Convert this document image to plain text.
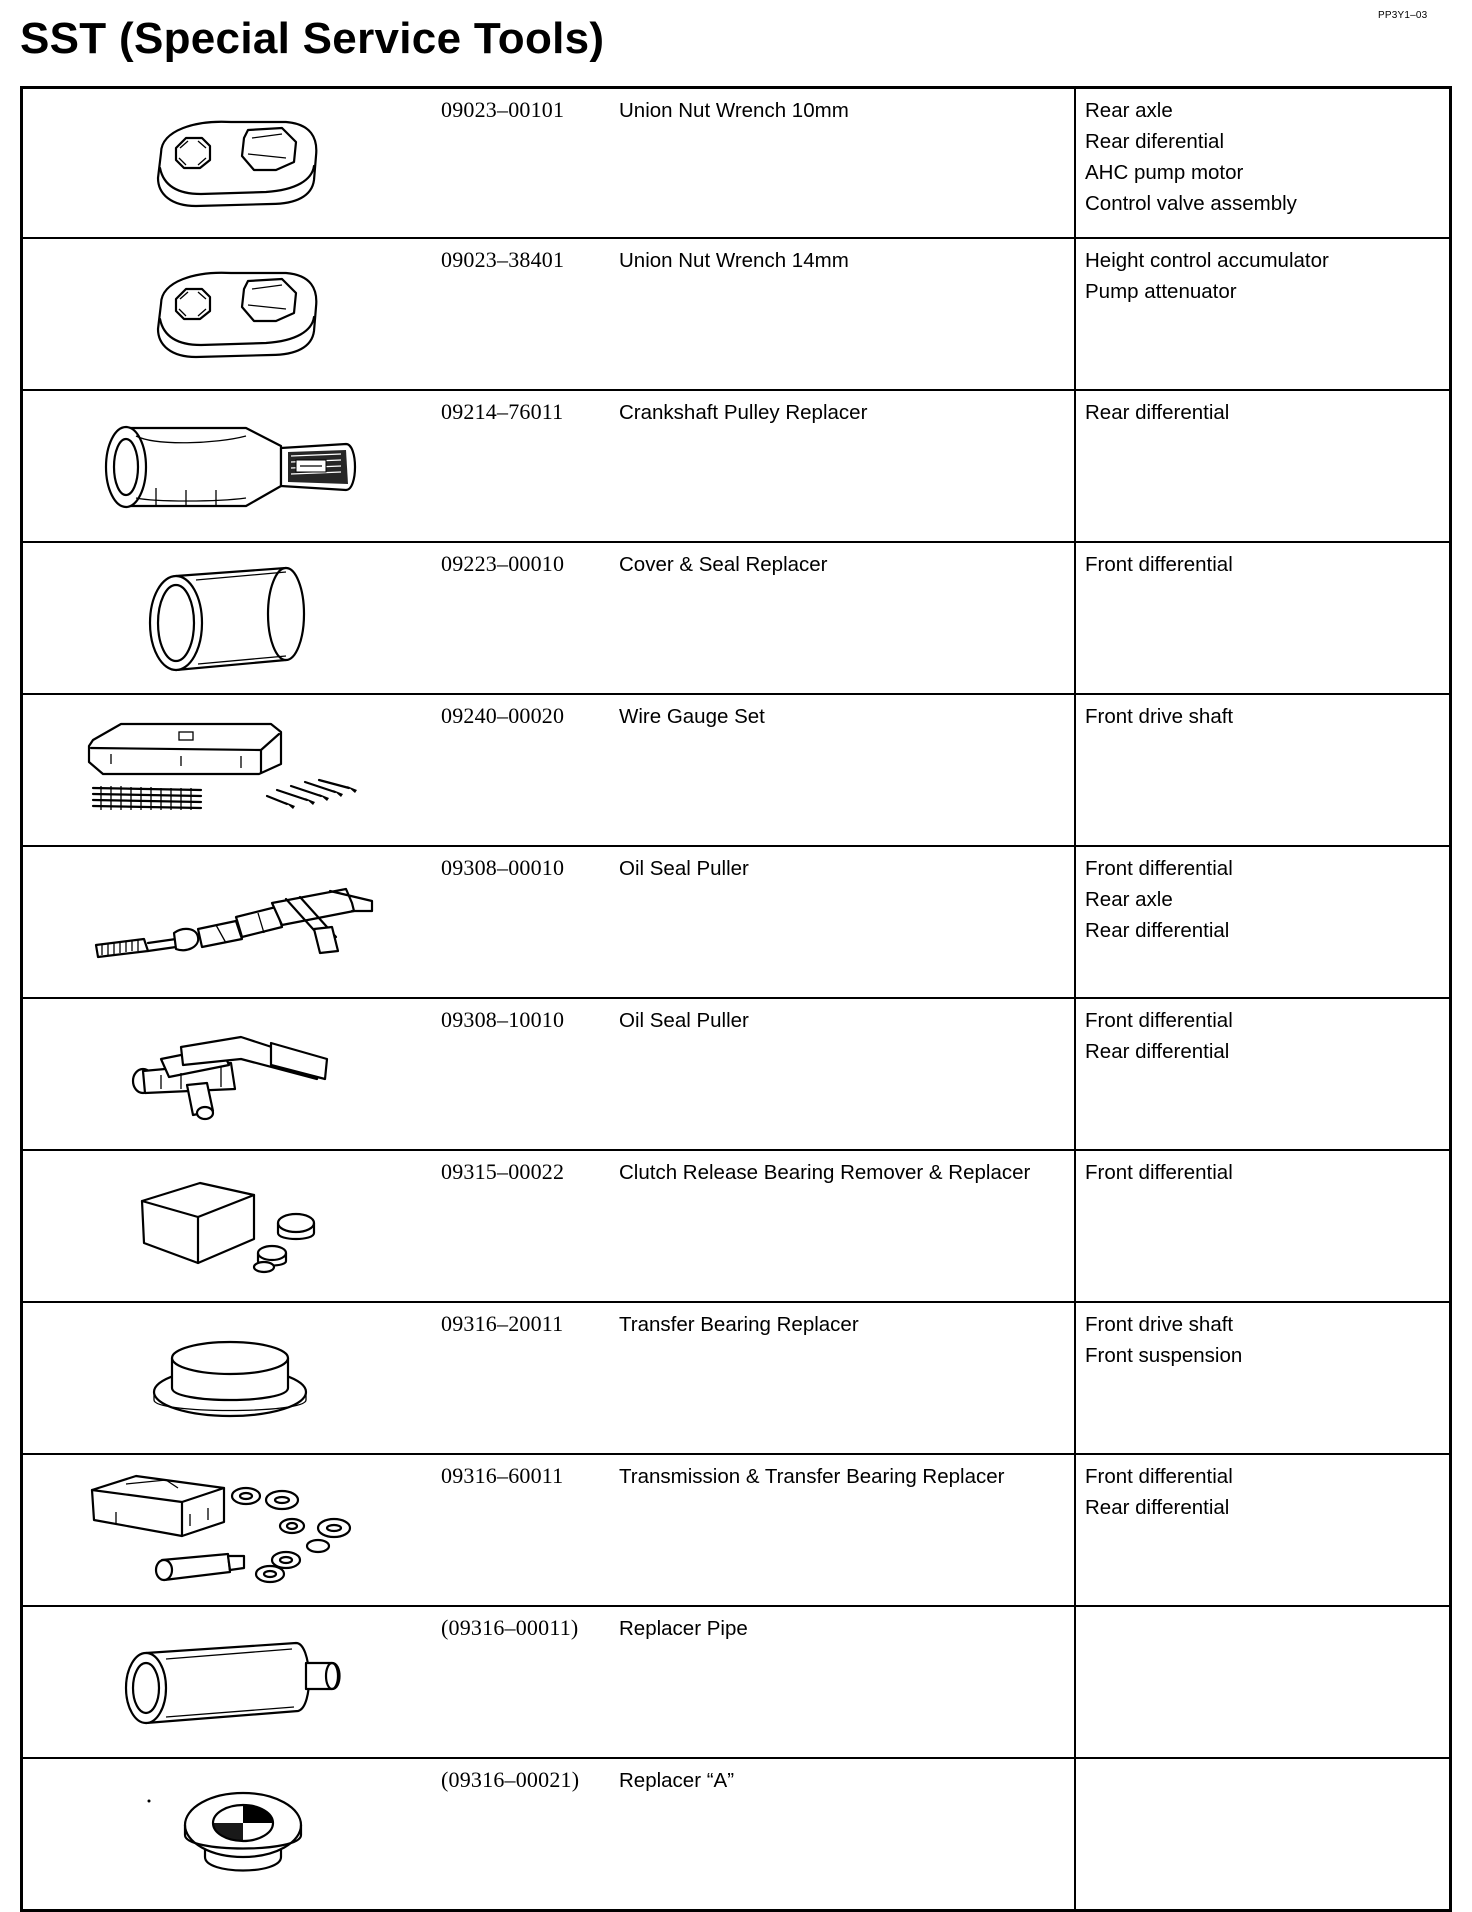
PP3Y1–03
SST (Special Service Tools)
	09023–00101	Union Nut Wrench 10mm	Rear axle
Rear diferential
AHC pump motor
Control valve assembly

	09023–38401	Union Nut Wrench 14mm	Height control accumulator
Pump attenuator

	09214–76011	Crankshaft Pulley Replacer	Rear differential

	09223–00010	Cover & Seal Replacer	Front differential

	09240–00020	Wire Gauge Set	Front drive shaft

	09308–00010	Oil Seal Puller	Front differential
Rear axle
Rear differential

	09308–10010	Oil Seal Puller	Front differential
Rear differential

	09315–00022	Clutch Release Bearing Remover & Replacer	Front differential

	09316–20011	Transfer Bearing Replacer	Front drive shaft
Front suspension

	09316–60011	Transmission & Transfer Bearing Replacer	Front differential
Rear differential

	(09316–00011)	Replacer Pipe	

	(09316–00021)	Replacer “A”	
